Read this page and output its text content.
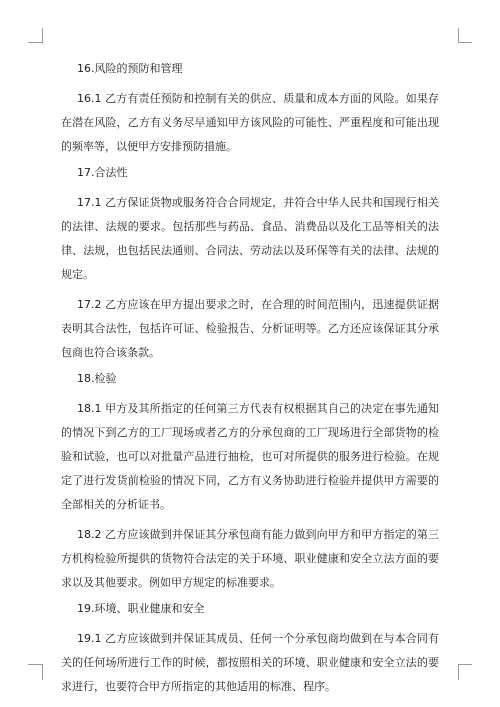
16.风险的预防和管理
16.1 乙方有责任预防和控制有关的供应、质量和成本方面的风险。如果存在潜在风险，乙方有义务尽早通知甲方该风险的可能性、严重程度和可能出现的频率等，以便甲方安排预防措施。
17.合法性
17.1 乙方保证货物或服务符合合同规定，并符合中华人民共和国现行相关的法律、法规的要求。包括那些与药品、食品、消费品以及化工品等相关的法律、法规，也包括民法通则、合同法、劳动法以及环保等有关的法律、法规的规定。
17.2 乙方应该在甲方提出要求之时，在合理的时间范围内，迅速提供证据表明其合法性，包括许可证、检验报告、分析证明等。乙方还应该保证其分承包商也符合该条款。
18.检验
18.1 甲方及其所指定的任何第三方代表有权根据其自己的决定在事先通知的情况下到乙方的工厂现场或者乙方的分承包商的工厂现场进行全部货物的检验和试验，也可以对批量产品进行抽检，也可对所提供的服务进行检验。在规定了进行发货前检验的情况下同，乙方有义务协助进行检验并提供甲方需要的全部相关的分析证书。
18.2 乙方应该做到并保证其分承包商有能力做到向甲方和甲方指定的第三方机构检验所提供的货物符合法定的关于环境、职业健康和安全立法方面的要求以及其他要求。例如甲方规定的标准要求。
19.环境、职业健康和安全
19.1 乙方应该做到并保证其成员、任何一个分承包商均做到在与本合同有关的任何场所进行工作的时候，都按照相关的环境、职业健康和安全立法的要求进行，也要符合甲方所指定的其他适用的标准、程序。
